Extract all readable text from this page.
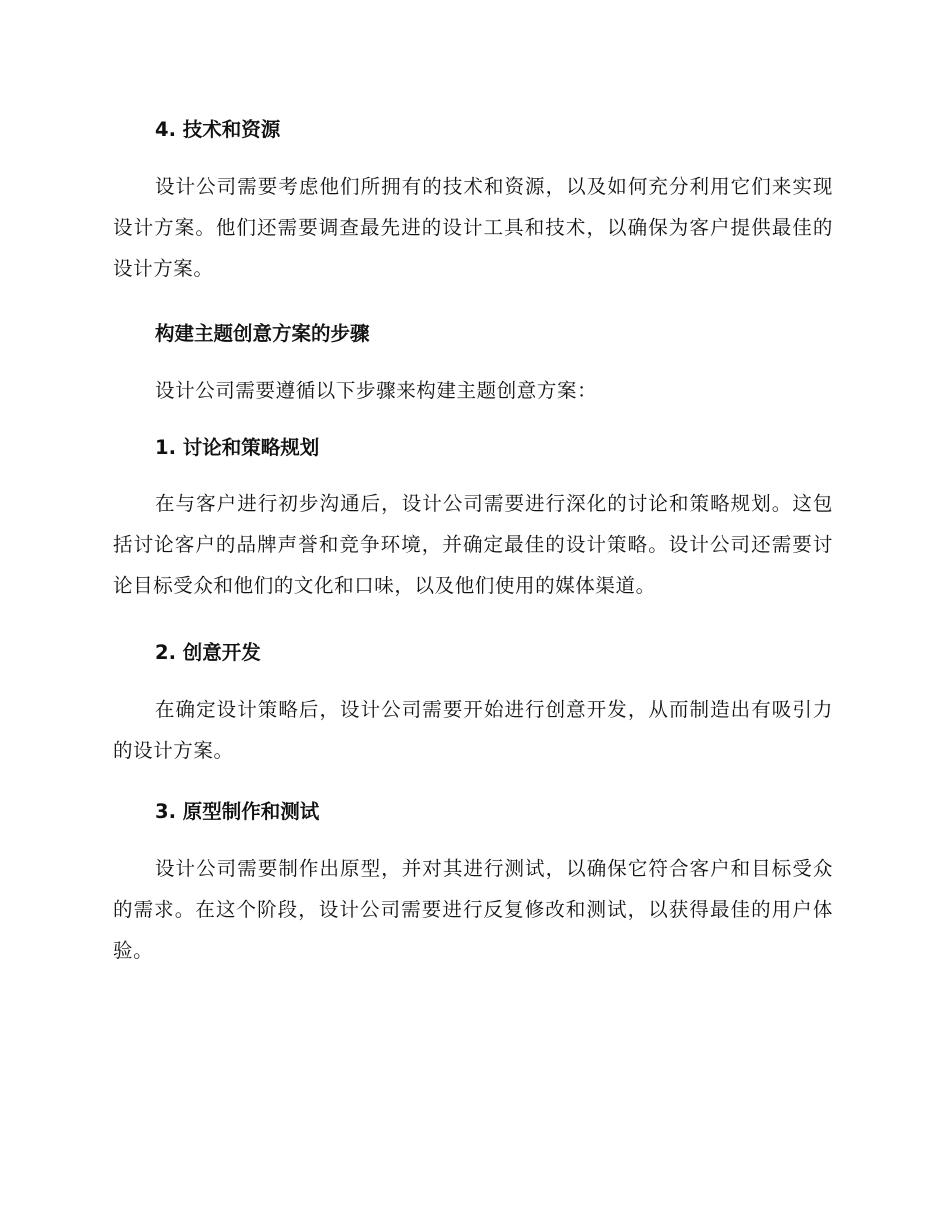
4. 技术和资源
设计公司需要考虑他们所拥有的技术和资源，以及如何充分利用它们来实现设计方案。他们还需要调查最先进的设计工具和技术，以确保为客户提供最佳的设计方案。
构建主题创意方案的步骤
设计公司需要遵循以下步骤来构建主题创意方案：
1. 讨论和策略规划
在与客户进行初步沟通后，设计公司需要进行深化的讨论和策略规划。这包括讨论客户的品牌声誉和竞争环境，并确定最佳的设计策略。设计公司还需要讨论目标受众和他们的文化和口味，以及他们使用的媒体渠道。
2. 创意开发
在确定设计策略后，设计公司需要开始进行创意开发，从而制造出有吸引力的设计方案。
3. 原型制作和测试
设计公司需要制作出原型，并对其进行测试，以确保它符合客户和目标受众的需求。在这个阶段，设计公司需要进行反复修改和测试，以获得最佳的用户体验。
